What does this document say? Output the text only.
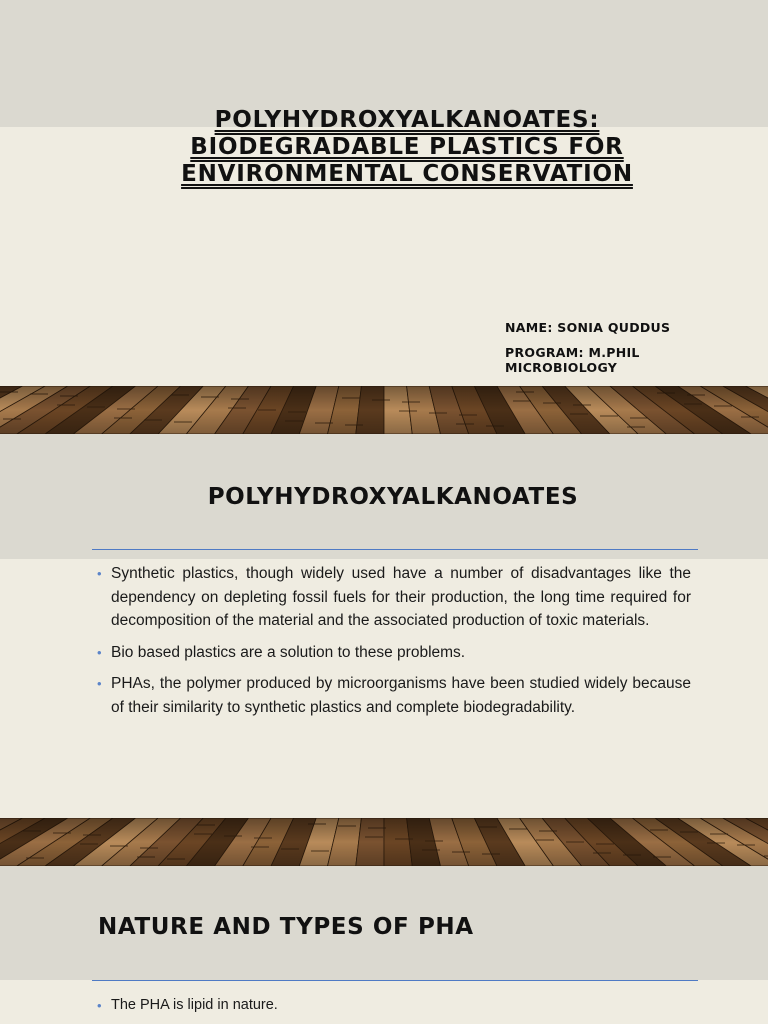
POLYHYDROXYALKANOATES: BIODEGRADABLE PLASTICS FOR ENVIRONMENTAL CONSERVATION
NAME: SONIA QUDDUS
PROGRAM: M.PHIL
MICROBIOLOGY
POLYHYDROXYALKANOATES
• Synthetic plastics, though widely used have a number of disadvantages like the dependency on depleting fossil fuels for their production, the long time required for decomposition of the material and the associated production of toxic materials.
• Bio based plastics are a solution to these problems.
• PHAs, the polymer produced by microorganisms have been studied widely because of their similarity to synthetic plastics and complete biodegradability.
NATURE AND TYPES OF PHA
• The PHA is lipid in nature.
